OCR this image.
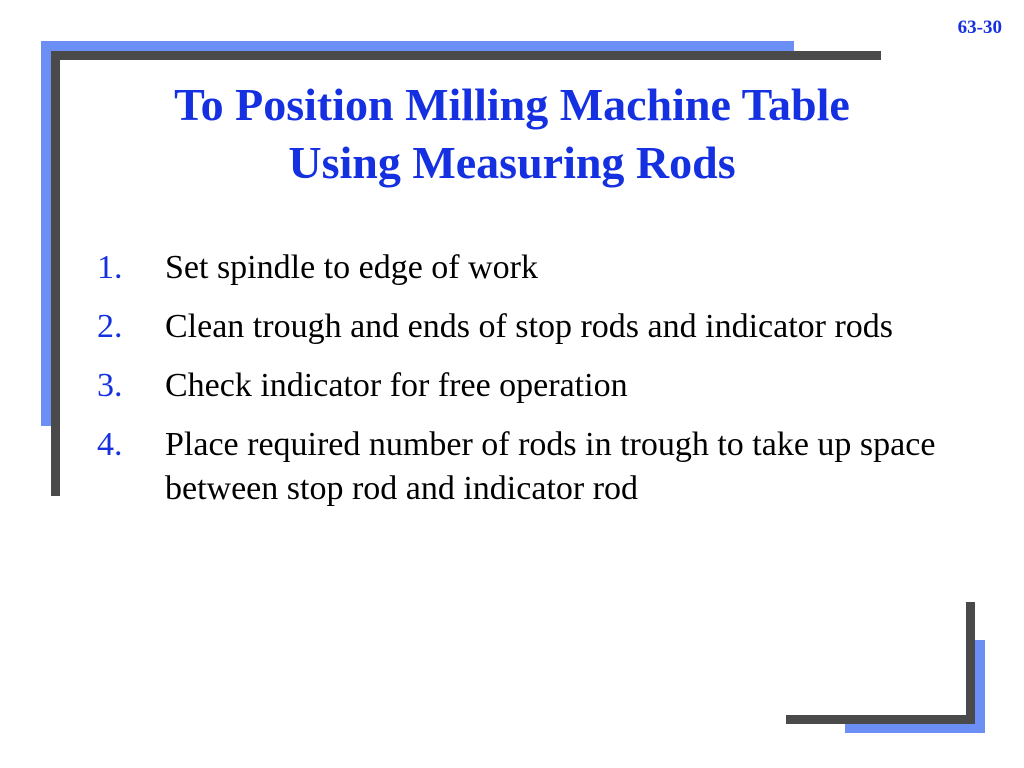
63-30
To Position Milling Machine Table
Using Measuring Rods
1.	Set spindle to edge of work
2.	Clean trough and ends of stop rods and indicator rods
3.	Check indicator for free operation
4.	Place required number of rods in trough to take up space between stop rod and indicator rod
